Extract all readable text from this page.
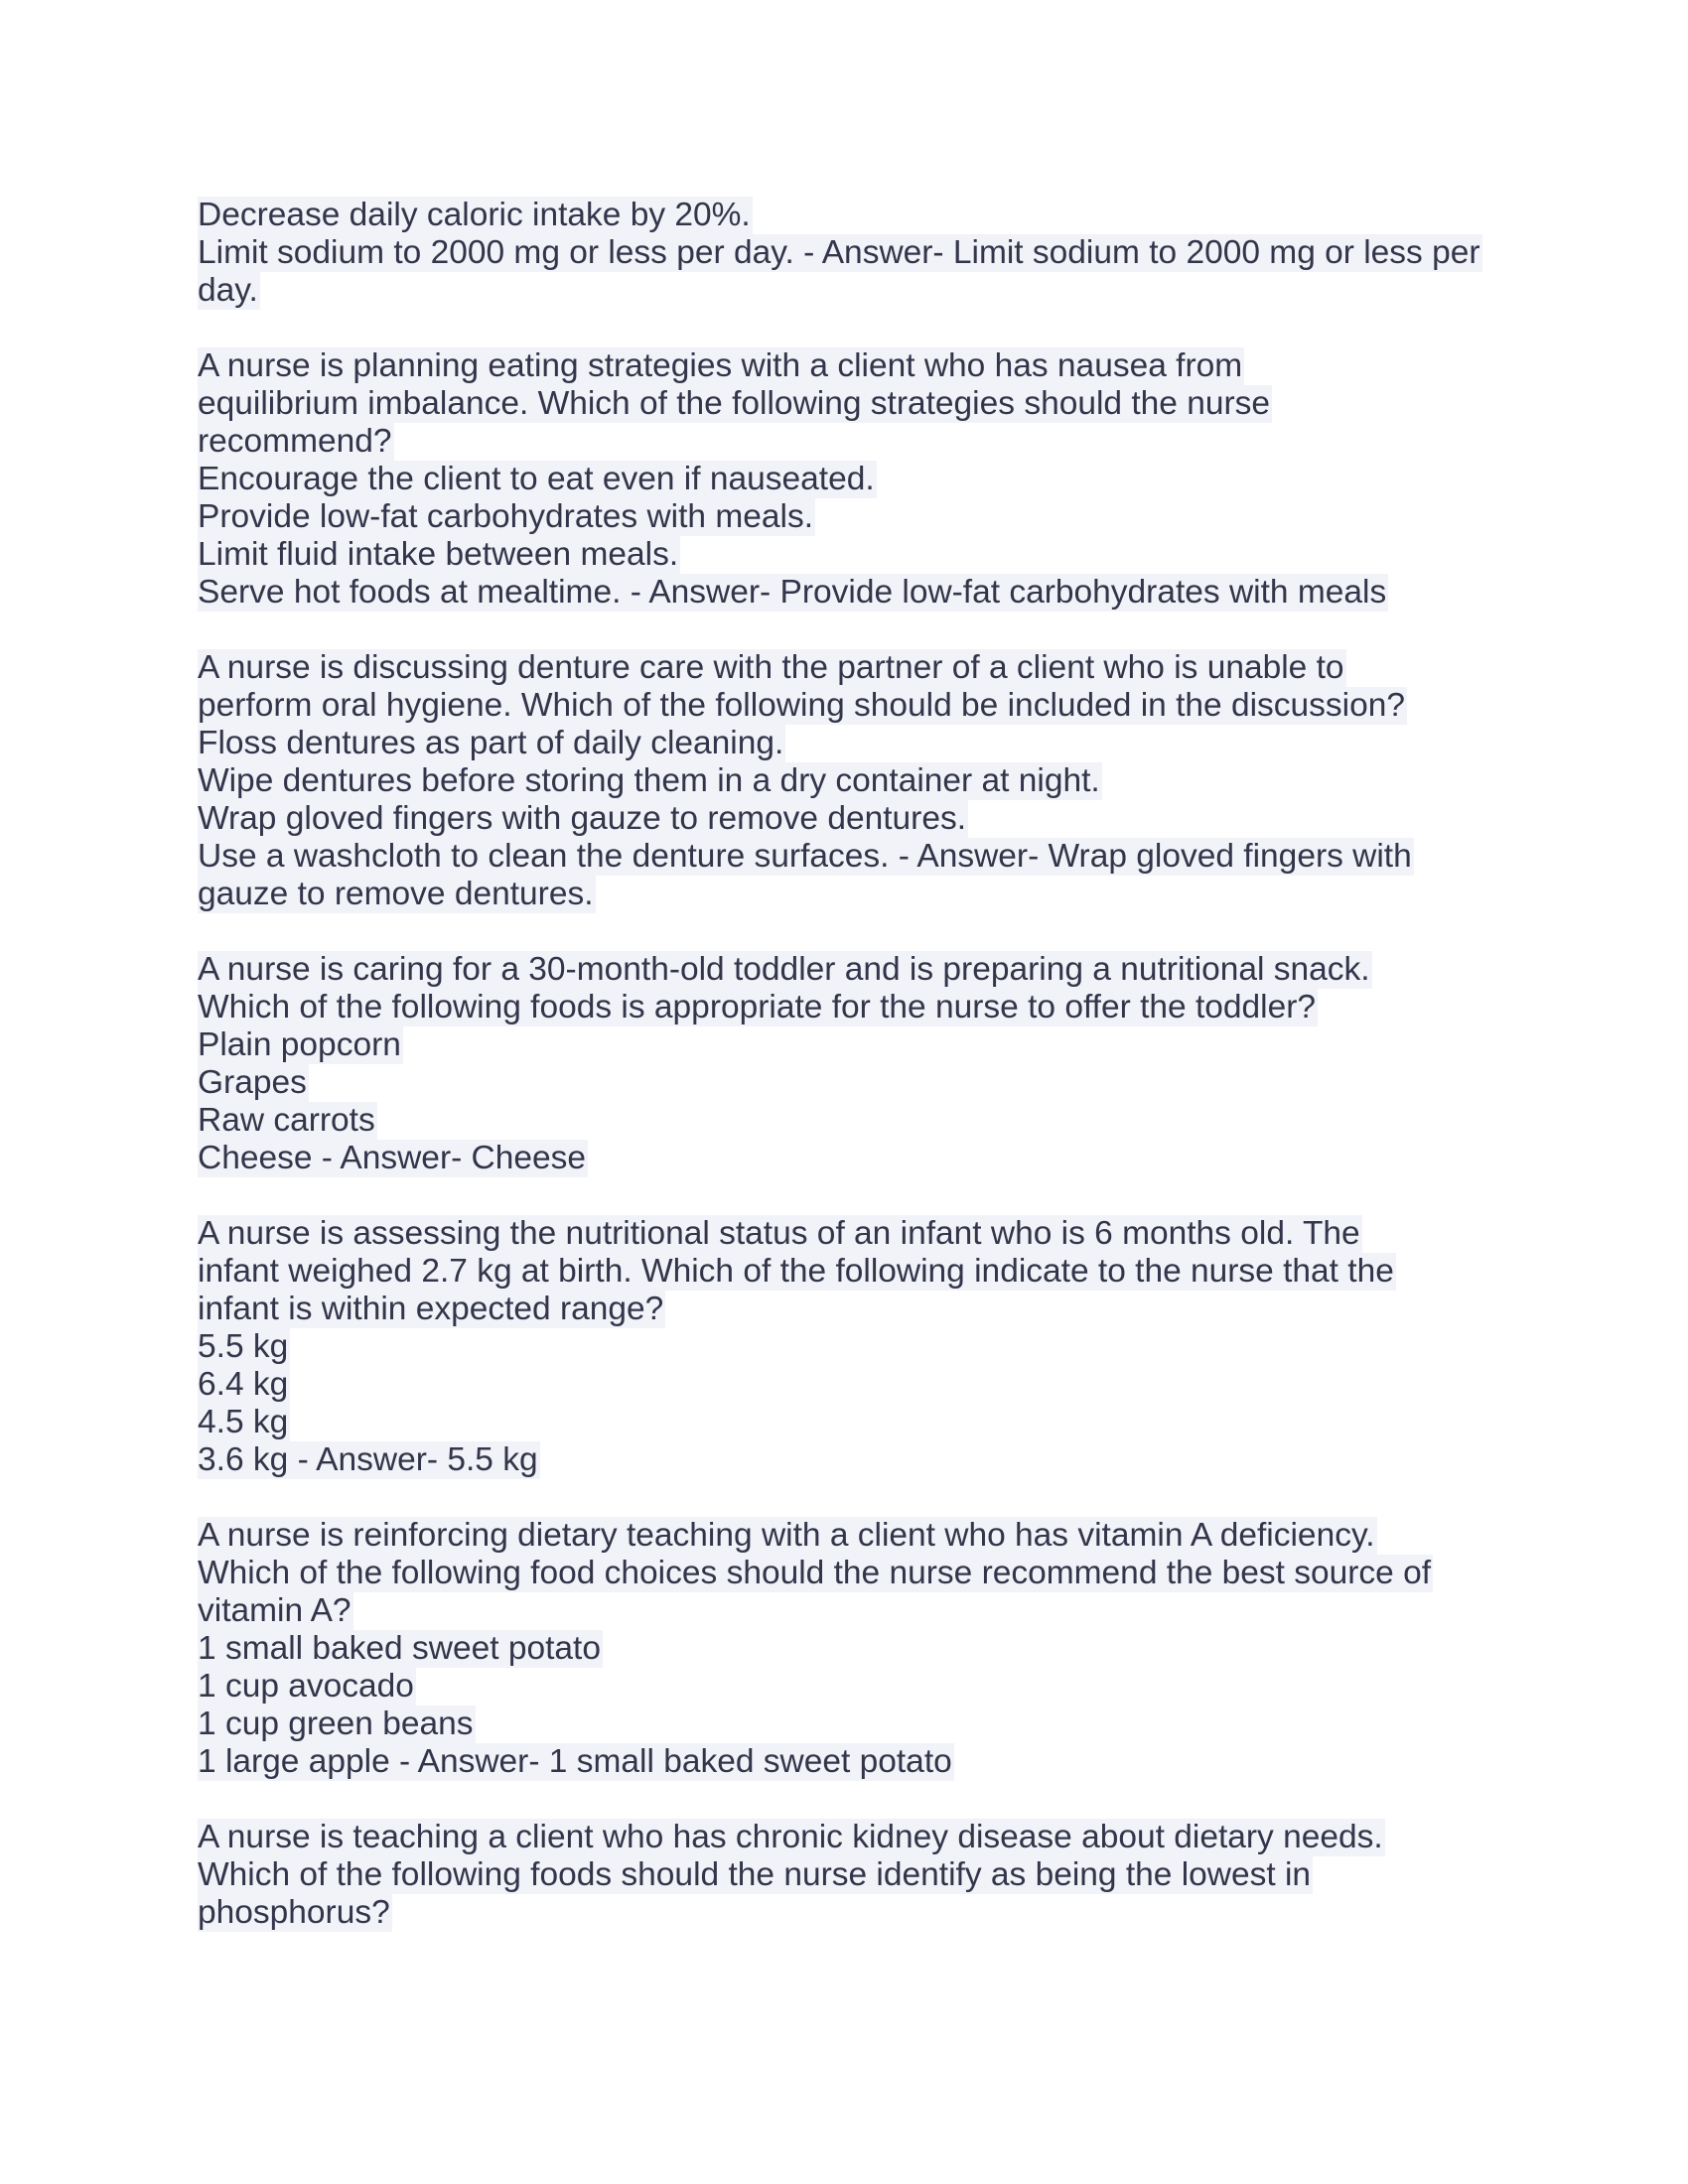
Decrease daily caloric intake by 20%.
Limit sodium to 2000 mg or less per day. - Answer- Limit sodium to 2000 mg or less per
day.
A nurse is planning eating strategies with a client who has nausea from
equilibrium imbalance. Which of the following strategies should the nurse
recommend?
Encourage the client to eat even if nauseated.
Provide low-fat carbohydrates with meals.
Limit fluid intake between meals.
Serve hot foods at mealtime. - Answer- Provide low-fat carbohydrates with meals
A nurse is discussing denture care with the partner of a client who is unable to
perform oral hygiene. Which of the following should be included in the discussion?
Floss dentures as part of daily cleaning.
Wipe dentures before storing them in a dry container at night.
Wrap gloved fingers with gauze to remove dentures.
Use a washcloth to clean the denture surfaces. - Answer- Wrap gloved fingers with
gauze to remove dentures.
A nurse is caring for a 30-month-old toddler and is preparing a nutritional snack.
Which of the following foods is appropriate for the nurse to offer the toddler?
Plain popcorn
Grapes
Raw carrots
Cheese - Answer- Cheese
A nurse is assessing the nutritional status of an infant who is 6 months old. The
infant weighed 2.7 kg at birth. Which of the following indicate to the nurse that the
infant is within expected range?
5.5 kg
6.4 kg
4.5 kg
3.6 kg - Answer- 5.5 kg
A nurse is reinforcing dietary teaching with a client who has vitamin A deficiency.
Which of the following food choices should the nurse recommend the best source of
vitamin A?
1 small baked sweet potato
1 cup avocado
1 cup green beans
1 large apple - Answer- 1 small baked sweet potato
A nurse is teaching a client who has chronic kidney disease about dietary needs.
Which of the following foods should the nurse identify as being the lowest in
phosphorus?
